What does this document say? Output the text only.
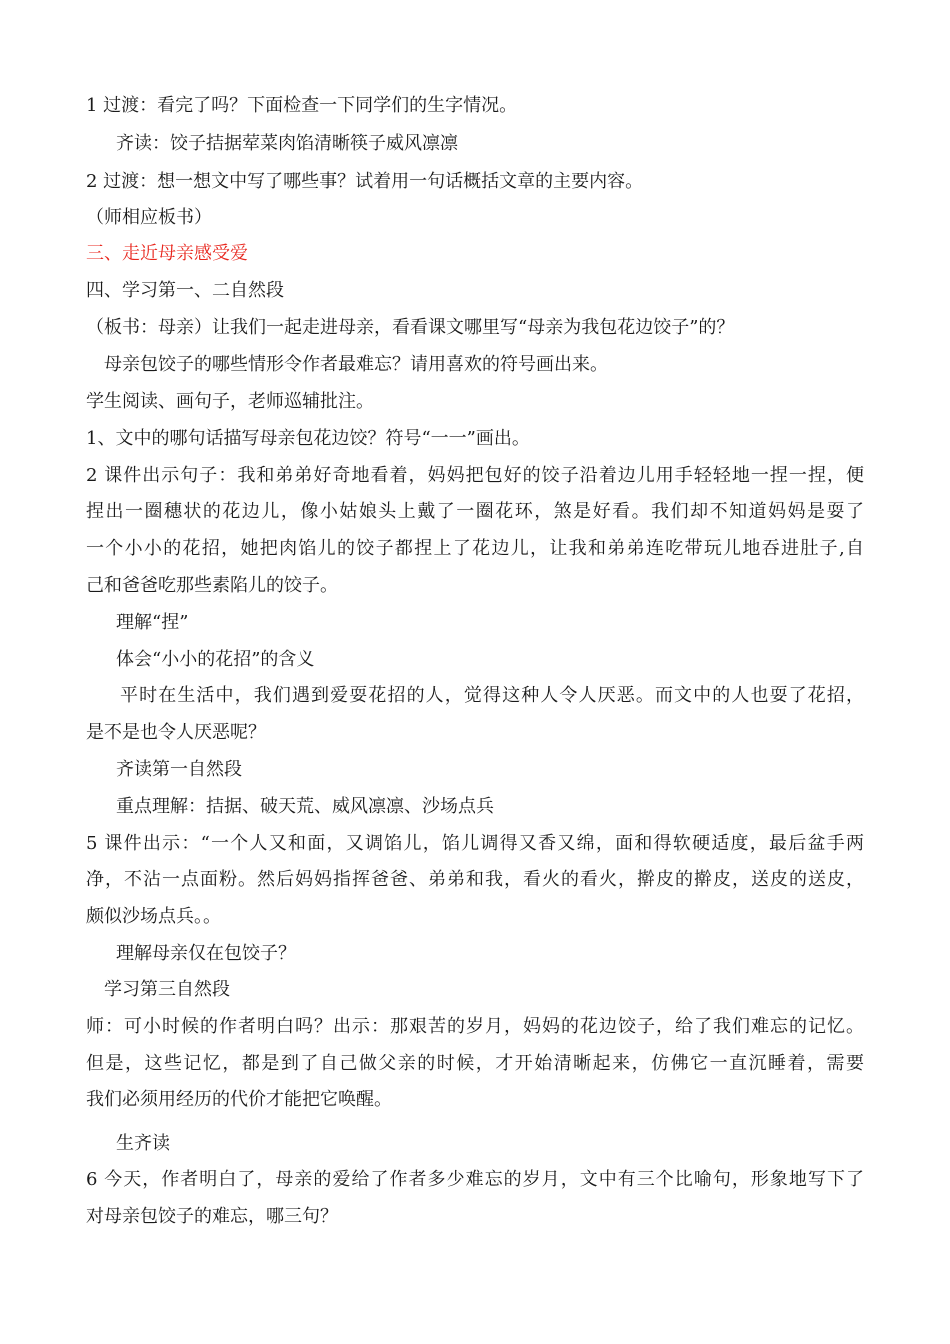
1 过渡：看完了吗？下面检查一下同学们的生字情况。
齐读：饺子拮据荤菜肉馅清晰筷子威风凛凛
2 过渡：想一想文中写了哪些事？试着用一句话概括文章的主要内容。
（师相应板书）
三、走近母亲感受爱
四、学习第一、二自然段
（板书：母亲）让我们一起走进母亲，看看课文哪里写“母亲为我包花边饺子”的？
母亲包饺子的哪些情形令作者最难忘？请用喜欢的符号画出来。
学生阅读、画句子，老师巡辅批注。
1、文中的哪句话描写母亲包花边饺？符号“一一”画出。
2 课件出示句子：我和弟弟好奇地看着，妈妈把包好的饺子沿着边儿用手轻轻地一捏一捏，便
捏出一圈穗状的花边儿，像小姑娘头上戴了一圈花环，煞是好看。我们却不知道妈妈是耍了
一个小小的花招，她把肉馅儿的饺子都捏上了花边儿，让我和弟弟连吃带玩儿地吞进肚子,自
己和爸爸吃那些素陷儿的饺子。
理解“捏”
体会“小小的花招”的含义
平时在生活中，我们遇到爱耍花招的人，觉得这种人令人厌恶。而文中的人也耍了花招，
是不是也令人厌恶呢？
齐读第一自然段
重点理解：拮据、破天荒、威风凛凛、沙场点兵
5 课件出示：“一个人又和面，又调馅儿，馅儿调得又香又绵，面和得软硬适度，最后盆手两
净，不沾一点面粉。然后妈妈指挥爸爸、弟弟和我，看火的看火，擀皮的擀皮，送皮的送皮，
颇似沙场点兵。。
理解母亲仅在包饺子？
学习第三自然段
师：可小时候的作者明白吗？出示：那艰苦的岁月，妈妈的花边饺子，给了我们难忘的记忆。
但是，这些记忆，都是到了自己做父亲的时候，才开始清晰起来，仿佛它一直沉睡着，需要
我们必须用经历的代价才能把它唤醒。
生齐读
6 今天，作者明白了，母亲的爱给了作者多少难忘的岁月，文中有三个比喻句，形象地写下了
对母亲包饺子的难忘，哪三句？
